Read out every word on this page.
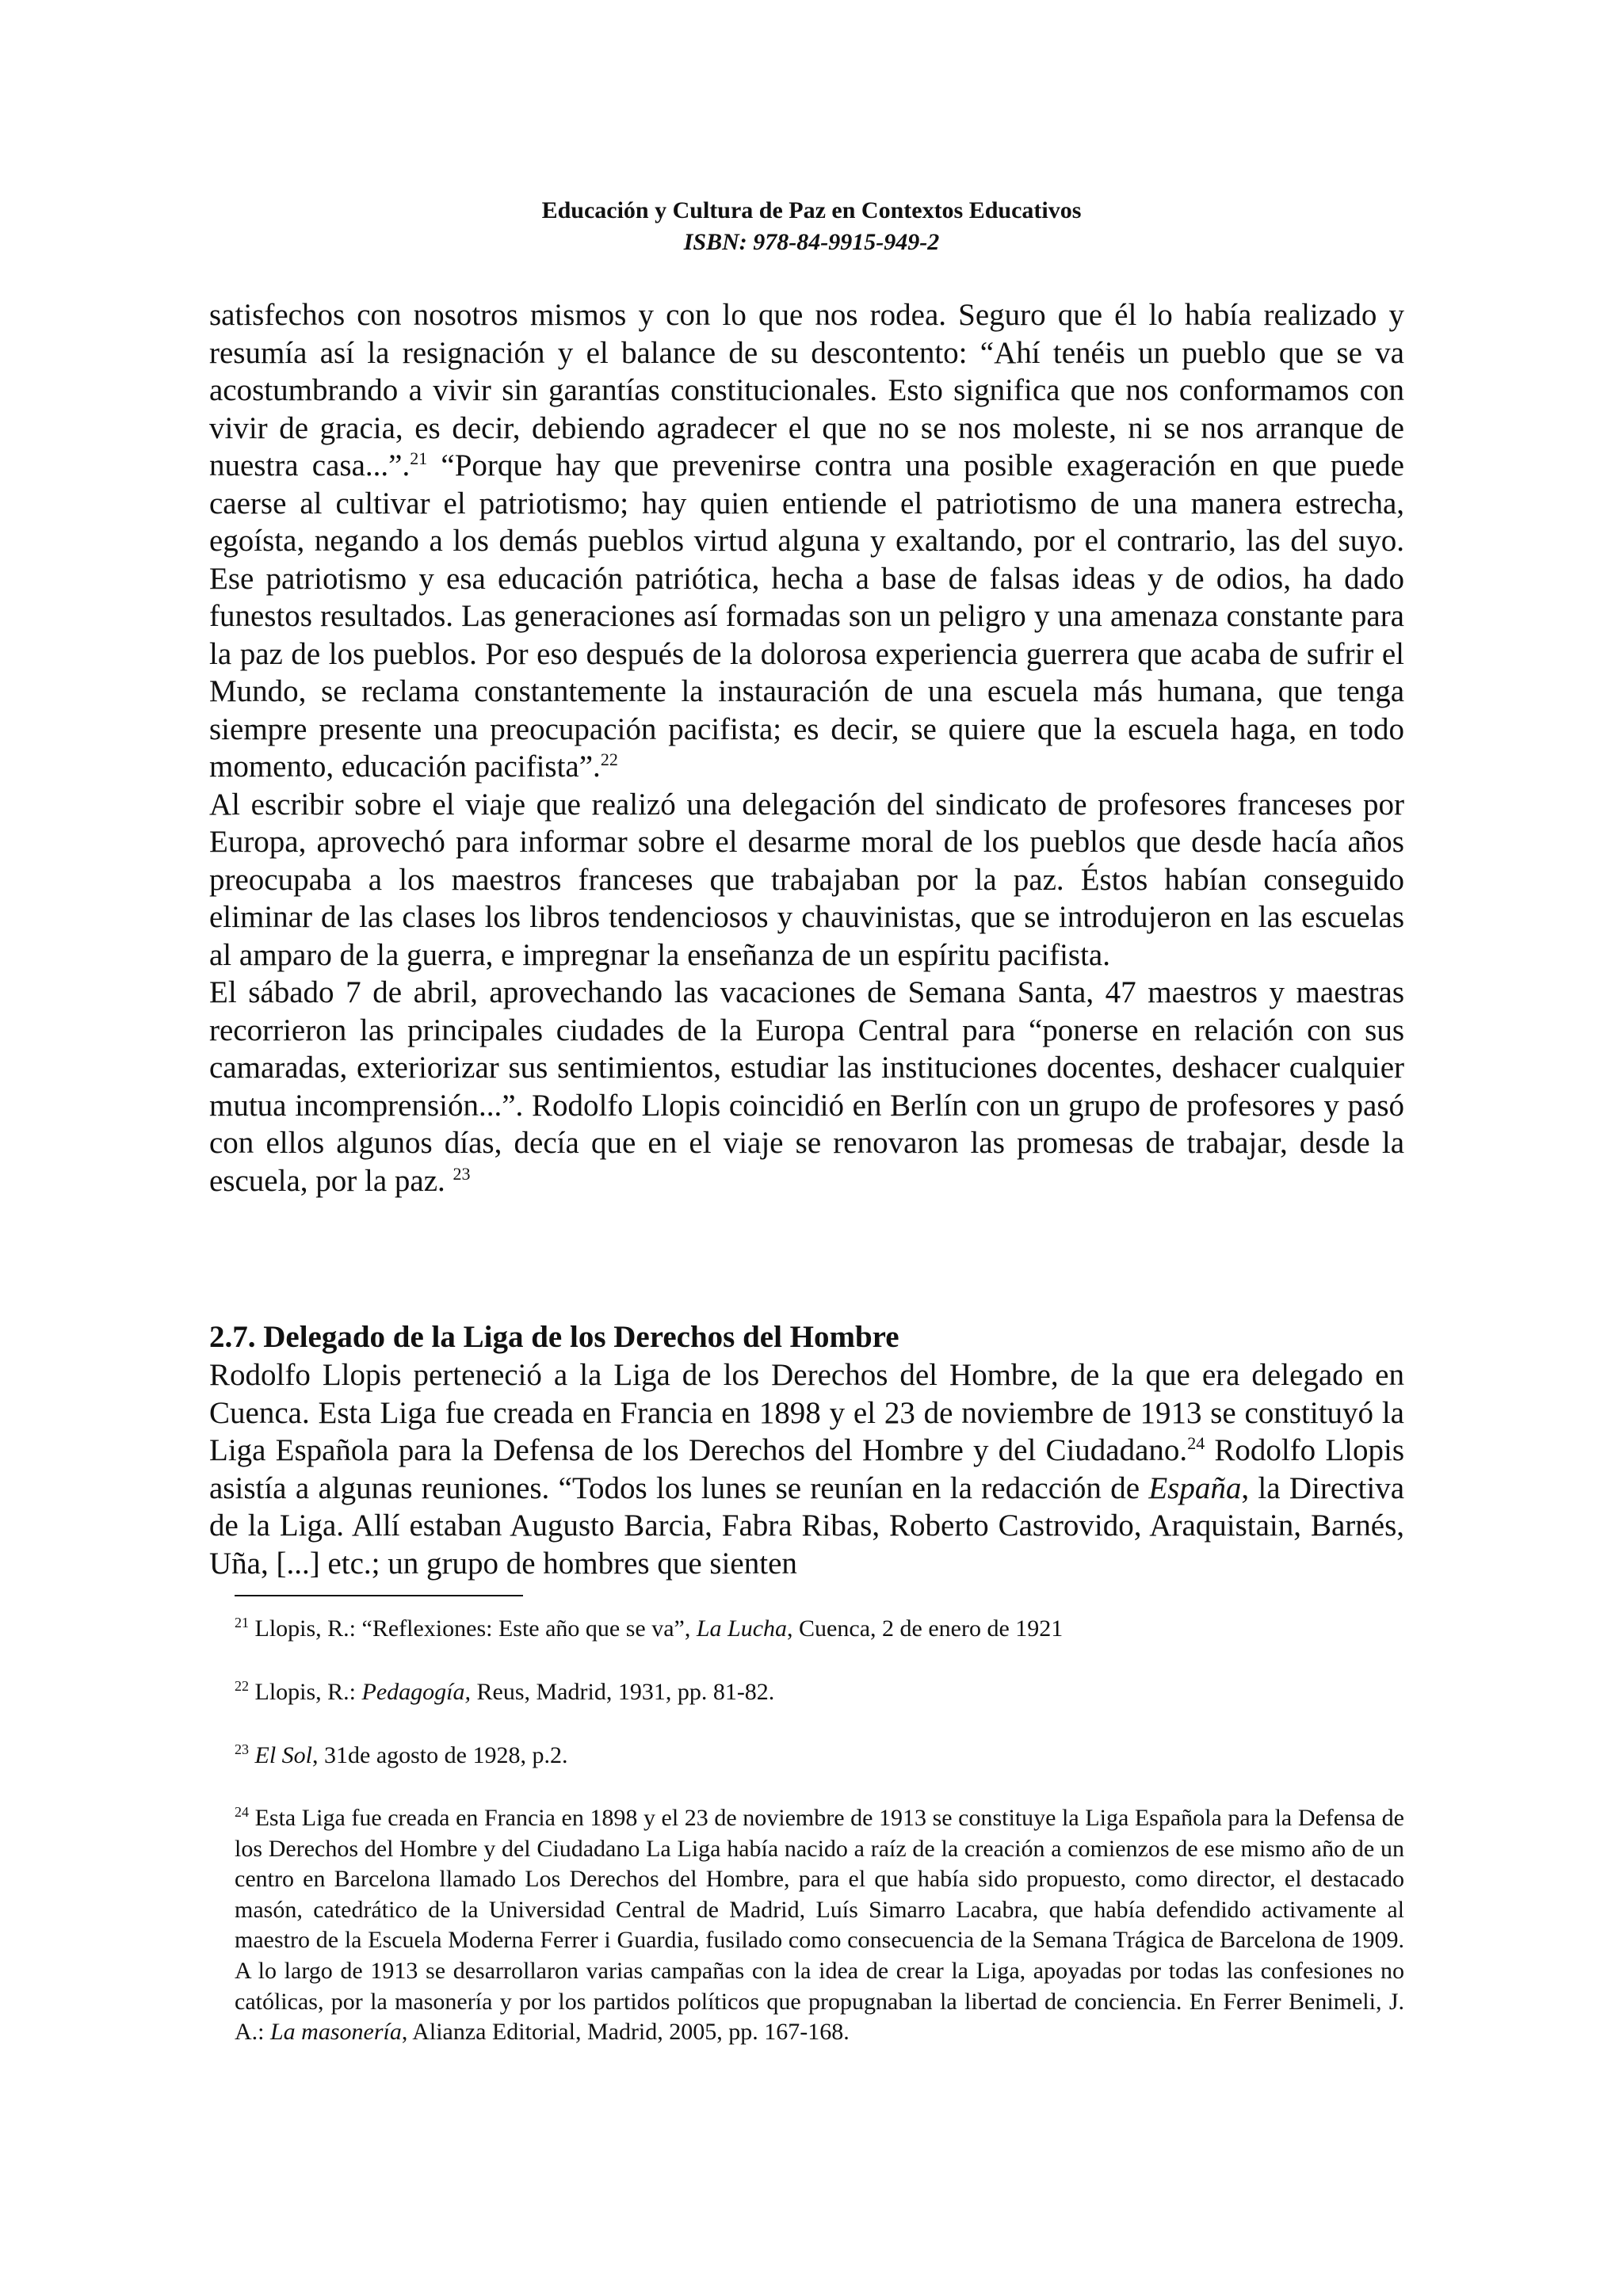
Educación y Cultura de Paz en Contextos Educativos
ISBN: 978-84-9915-949-2

satisfechos con nosotros mismos y con lo que nos rodea. Seguro que él lo había realizado y resumía así la resignación y el balance de su descontento: “Ahí tenéis un pueblo que se va acostumbrando a vivir sin garantías constitucionales. Esto significa que nos conformamos con vivir de gracia, es decir, debiendo agradecer el que no se nos moleste, ni se nos arranque de nuestra casa...”.$^{21}$ “Porque hay que prevenirse contra una posible exageración en que puede caerse al cultivar el patriotismo; hay quien entiende el patriotismo de una manera estrecha, egoísta, negando a los demás pueblos virtud alguna y exaltando, por el contrario, las del suyo. Ese patriotismo y esa educación patriótica, hecha a base de falsas ideas y de odios, ha dado funestos resultados. Las generaciones así formadas son un peligro y una amenaza constante para la paz de los pueblos. Por eso después de la dolorosa experiencia guerrera que acaba de sufrir el Mundo, se reclama constantemente la instauración de una escuela más humana, que tenga siempre presente una preocupación pacifista; es decir, se quiere que la escuela haga, en todo momento, educación pacifista”.$^{22}$

Al escribir sobre el viaje que realizó una delegación del sindicato de profesores franceses por Europa, aprovechó para informar sobre el desarme moral de los pueblos que desde hacía años preocupaba a los maestros franceses que trabajaban por la paz. Éstos habían conseguido eliminar de las clases los libros tendenciosos y chauvinistas, que se introdujeron en las escuelas al amparo de la guerra, e impregnar la enseñanza de un espíritu pacifista.

El sábado 7 de abril, aprovechando las vacaciones de Semana Santa, 47 maestros y maestras recorrieron las principales ciudades de la Europa Central para “ponerse en relación con sus camaradas, exteriorizar sus sentimientos, estudiar las instituciones docentes, deshacer cualquier mutua incomprensión...”. Rodolfo Llopis coincidió en Berlín con un grupo de profesores y pasó con ellos algunos días, decía que en el viaje se renovaron las promesas de trabajar, desde la escuela, por la paz. $^{23}$

2.7. Delegado de la Liga de los Derechos del Hombre

Rodolfo Llopis perteneció a la Liga de los Derechos del Hombre, de la que era delegado en Cuenca. Esta Liga fue creada en Francia en 1898 y el 23 de noviembre de 1913 se constituyó la Liga Española para la Defensa de los Derechos del Hombre y del Ciudadano.$^{24}$ Rodolfo Llopis asistía a algunas reuniones. “Todos los lunes se reunían en la redacción de España, la Directiva de la Liga. Allí estaban Augusto Barcia, Fabra Ribas, Roberto Castrovido, Araquistain, Barnés, Uña, [...] etc.; un grupo de hombres que sienten

$^{21}$ Llopis, R.: “Reflexiones: Este año que se va”, La Lucha, Cuenca, 2 de enero de 1921
$^{22}$ Llopis, R.: Pedagogía, Reus, Madrid, 1931, pp. 81-82.
$^{23}$ El Sol, 31de agosto de 1928, p.2.
$^{24}$ Esta Liga fue creada en Francia en 1898 y el 23 de noviembre de 1913 se constituye la Liga Española para la Defensa de los Derechos del Hombre y del Ciudadano La Liga había nacido a raíz de la creación a comienzos de ese mismo año de un centro en Barcelona llamado Los Derechos del Hombre, para el que había sido propuesto, como director, el destacado masón, catedrático de la Universidad Central de Madrid, Luís Simarro Lacabra, que había defendido activamente al maestro de la Escuela Moderna Ferrer i Guardia, fusilado como consecuencia de la Semana Trágica de Barcelona de 1909. A lo largo de 1913 se desarrollaron varias campañas con la idea de crear la Liga, apoyadas por todas las confesiones no católicas, por la masonería y por los partidos políticos que propugnaban la libertad de conciencia. En Ferrer Benimeli, J. A.: La masonería, Alianza Editorial, Madrid, 2005, pp. 167-168.
